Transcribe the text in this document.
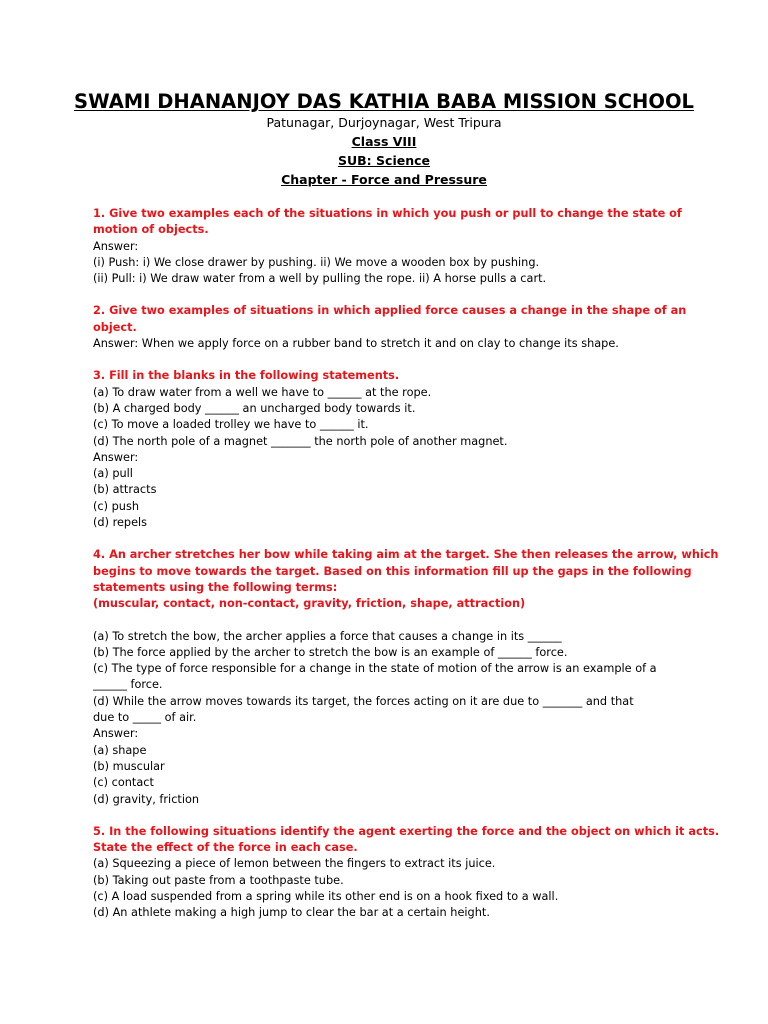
SWAMI DHANANJOY DAS KATHIA BABA MISSION SCHOOL
Patunagar, Durjoynagar, West Tripura
Class VIII
SUB: Science
Chapter - Force and Pressure
1. Give two examples each of the situations in which you push or pull to change the state of
motion of objects.
Answer:
(i) Push: i) We close drawer by pushing. ii) We move a wooden box by pushing.
(ii) Pull: i) We draw water from a well by pulling the rope. ii) A horse pulls a cart.
2. Give two examples of situations in which applied force causes a change in the shape of an
object.
Answer: When we apply force on a rubber band to stretch it and on clay to change its shape.
3. Fill in the blanks in the following statements.
(a) To draw water from a well we have to ______ at the rope.
(b) A charged body ______ an uncharged body towards it.
(c) To move a loaded trolley we have to ______ it.
(d) The north pole of a magnet _______ the north pole of another magnet.
Answer:
(a) pull
(b) attracts
(c) push
(d) repels
4. An archer stretches her bow while taking aim at the target. She then releases the arrow, which
begins to move towards the target. Based on this information fill up the gaps in the following
statements using the following terms:
(muscular, contact, non-contact, gravity, friction, shape, attraction)
(a) To stretch the bow, the archer applies a force that causes a change in its ______
(b) The force applied by the archer to stretch the bow is an example of ______ force.
(c) The type of force responsible for a change in the state of motion of the arrow is an example of a
______ force.
(d) While the arrow moves towards its target, the forces acting on it are due to _______ and that
due to _____ of air.
Answer:
(a) shape
(b) muscular
(c) contact
(d) gravity, friction
5. In the following situations identify the agent exerting the force and the object on which it acts.
State the effect of the force in each case.
(a) Squeezing a piece of lemon between the fingers to extract its juice.
(b) Taking out paste from a toothpaste tube.
(c) A load suspended from a spring while its other end is on a hook fixed to a wall.
(d) An athlete making a high jump to clear the bar at a certain height.
